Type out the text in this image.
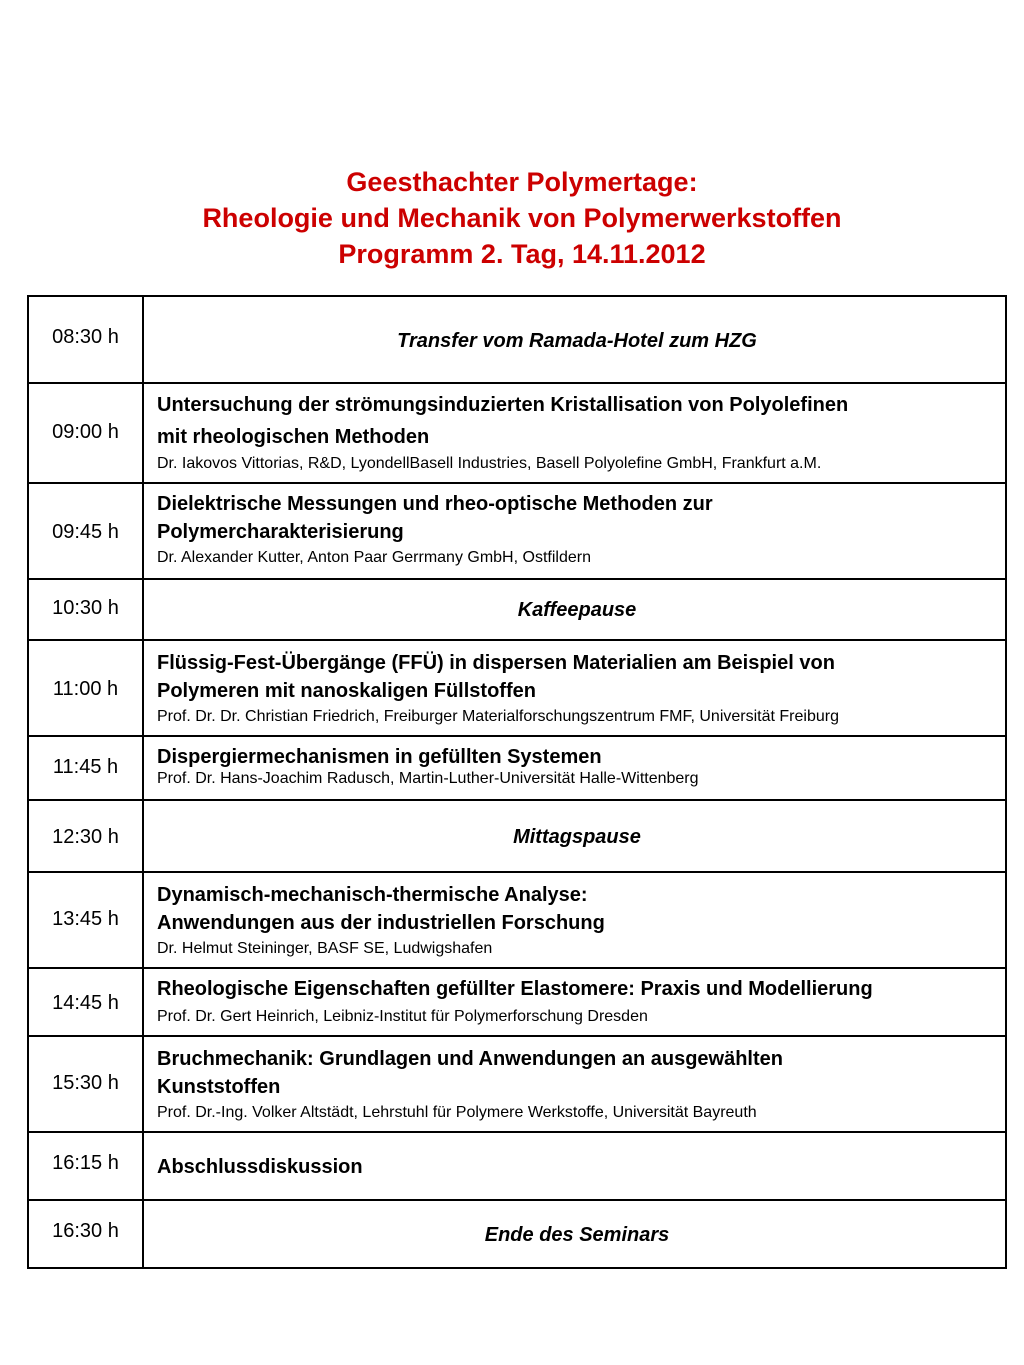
Geesthachter Polymertage:
Rheologie und Mechanik von Polymerwerkstoffen
Programm 2. Tag, 14.11.2012
08:30 h	Transfer vom Ramada-Hotel zum HZG

09:00 h	Untersuchung der strömungsinduzierten Kristallisation von Polyolefinen
mit rheologischen Methoden
Dr. Iakovos Vittorias, R&D, LyondellBasell Industries, Basell Polyolefine GmbH, Frankfurt a.M.

09:45 h	Dielektrische Messungen und rheo-optische Methoden zur
Polymercharakterisierung
Dr. Alexander Kutter, Anton Paar Gerrmany GmbH, Ostfildern

10:30 h	Kaffeepause

11:00 h	Flüssig-Fest-Übergänge (FFÜ) in dispersen Materialien am Beispiel von
Polymeren mit nanoskaligen Füllstoffen
Prof. Dr. Dr. Christian Friedrich, Freiburger Materialforschungszentrum FMF, Universität Freiburg

11:45 h	Dispergiermechanismen in gefüllten Systemen
Prof. Dr. Hans-Joachim Radusch, Martin-Luther-Universität Halle-Wittenberg

12:30 h	Mittagspause

13:45 h	Dynamisch-mechanisch-thermische Analyse:
Anwendungen aus der industriellen Forschung
Dr. Helmut Steininger, BASF SE, Ludwigshafen

14:45 h	Rheologische Eigenschaften gefüllter Elastomere: Praxis und Modellierung
Prof. Dr. Gert Heinrich, Leibniz-Institut für Polymerforschung Dresden

15:30 h	Bruchmechanik: Grundlagen und Anwendungen an ausgewählten
Kunststoffen
Prof. Dr.-Ing. Volker Altstädt, Lehrstuhl für Polymere Werkstoffe, Universität Bayreuth

16:15 h	Abschlussdiskussion

16:30 h	Ende des Seminars
